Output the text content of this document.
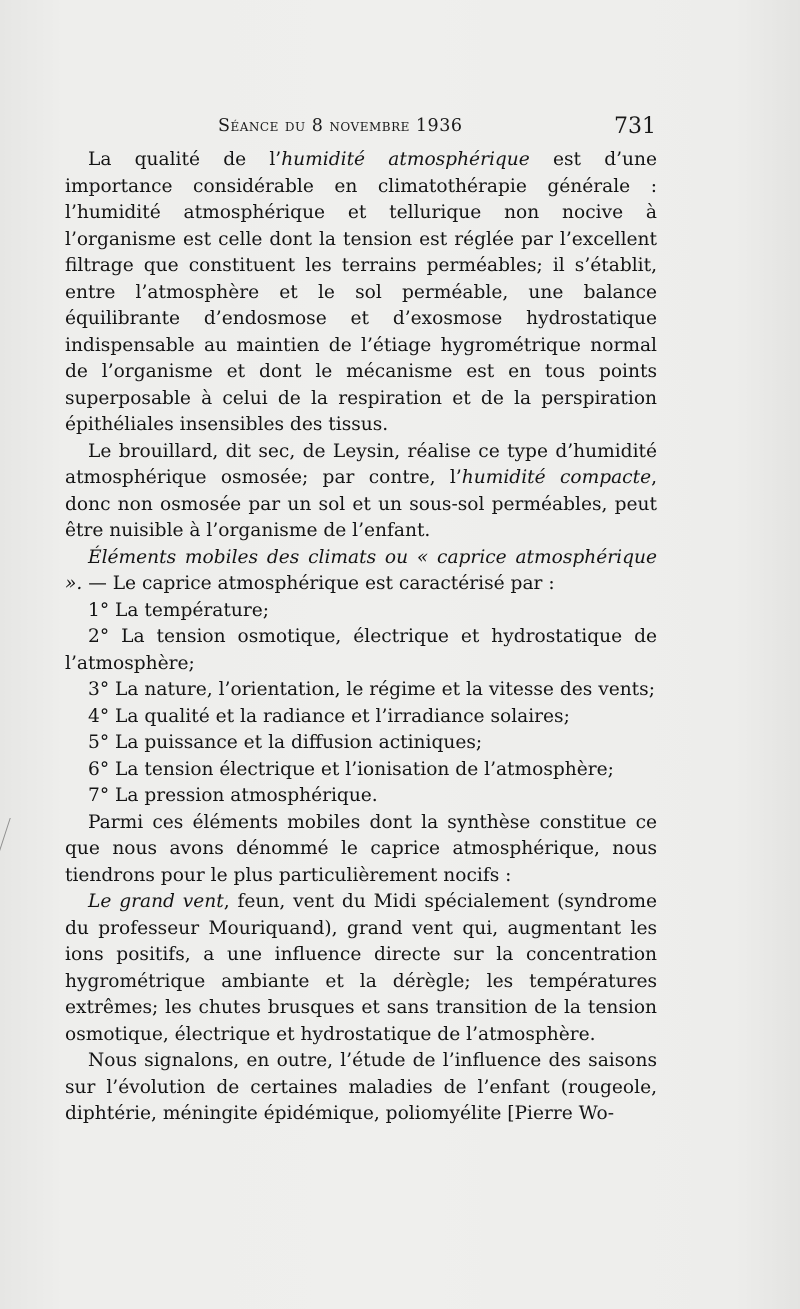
Séance du 8 novembre 1936	731

La qualité de l’humidité atmosphérique est d’une importance considérable en climatothérapie générale : l’humidité atmosphérique et tellurique non nocive à l’organisme est celle dont la tension est réglée par l’excellent filtrage que constituent les terrains perméables; il s’établit, entre l’atmosphère et le sol perméable, une balance équilibrante d’endosmose et d’exosmose hydrostatique indispensable au maintien de l’étiage hygrométrique normal de l’organisme et dont le mécanisme est en tous points superposable à celui de la respiration et de la perspiration épithéliales insensibles des tissus.

Le brouillard, dit sec, de Leysin, réalise ce type d’humidité atmosphérique osmosée; par contre, l’humidité compacte, donc non osmosée par un sol et un sous-sol perméables, peut être nuisible à l’organisme de l’enfant.

Éléments mobiles des climats ou « caprice atmosphérique ». — Le caprice atmosphérique est caractérisé par :

1° La température;

2° La tension osmotique, électrique et hydrostatique de l’atmosphère;

3° La nature, l’orientation, le régime et la vitesse des vents;

4° La qualité et la radiance et l’irradiance solaires;

5° La puissance et la diffusion actiniques;

6° La tension électrique et l’ionisation de l’atmosphère;

7° La pression atmosphérique.

Parmi ces éléments mobiles dont la synthèse constitue ce que nous avons dénommé le caprice atmosphérique, nous tiendrons pour le plus particulièrement nocifs :

Le grand vent, feun, vent du Midi spécialement (syndrome du professeur Mouriquand), grand vent qui, augmentant les ions positifs, a une influence directe sur la concentration hygrométrique ambiante et la dérègle; les températures extrêmes; les chutes brusques et sans transition de la tension osmotique, électrique et hydrostatique de l’atmosphère.

Nous signalons, en outre, l’étude de l’influence des saisons sur l’évolution de certaines maladies de l’enfant (rougeole, diphtérie, méningite épidémique, poliomyélite [Pierre Wo-
